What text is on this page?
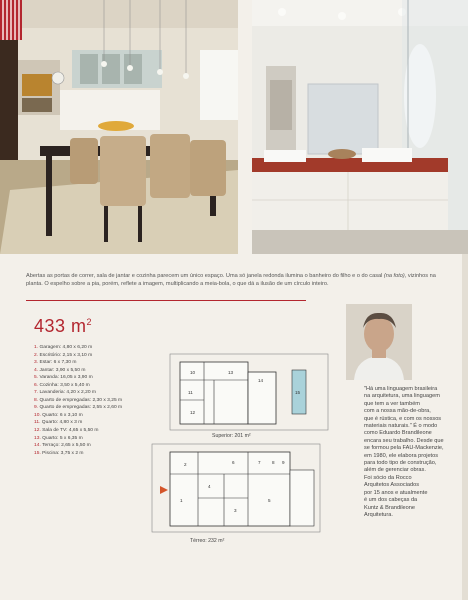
Abertas as portas de correr, sala de jantar e cozinha parecem um único espaço. Uma só janela redonda ilumina o banheiro do filho e o do casal (na foto), vizinhos na planta. O espelho sobre a pia, porém, reflete a imagem, multiplicando a meia-bola, o que dá a ilusão de um círculo inteiro.

433 $m^2$
1. Garagem: 4,80 x 6,20 m
2. Escritório: 2,15 x 3,10 m
3. Estar: 6 x 7,30 m
4. Jantar: 3,90 x 5,50 m
5. Varanda: 16,05 x 3,90 m
6. Cozinha: 3,50 x 5,40 m
7. Lavanderia: 4,20 x 2,20 m
8. Quarto de empregadas: 2,30 x 3,25 m
9. Quarto de empregadas: 2,55 x 2,60 m
10. Quarto: 6 x 3,10 m
11. Quarto: 4,80 x 3 m
12. Sala de TV: 4,65 x 5,50 m
13. Quarto: 5 x 6,35 m
14. Terraço: 2,65 x 5,50 m
15. Piscina: 3,75 x 2 m
10
11
13
14
12
15
Superior: 201 m²
1
2
3
4
5
6	7 8 9
Térreo: 232 m²
"Há uma linguagem brasileira
na arquitetura, uma linguagem
que tem a ver também
com a nossa mão-de-obra,
que é rústica, e com os nossos
materiais naturais." É o modo
como Eduardo Brandileone
encara seu trabalho. Desde que
se formou pela FAU-Mackenzie,
em 1980, ele elabora projetos
para todo tipo de construção,
além de gerenciar obras.
Foi sócio da Rocco
Arquitetos Associados
por 15 anos e atualmente
é um dos cabeças da
Kuntz & Brandileone Arquitetura.
